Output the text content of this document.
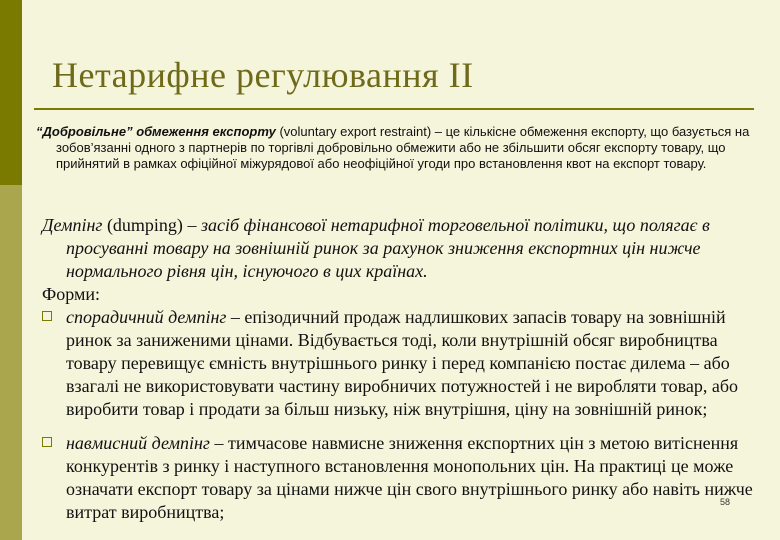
Нетарифне регулювання ІІ

“Добровільне” обмеження експорту (voluntary export restraint) – це кількісне обмеження експорту, що базується на зобов’язанні одного з партнерів по торгівлі добровільно обмежити або не збільшити обсяг експорту товару, що прийнятий в рамках офіційної міжурядової або неофіційної угоди про встановлення квот на експорт товару.

Демпінг (dumping) – засіб фінансової нетарифної торговельної політики, що полягає в просуванні товару на зовнішній ринок за рахунок зниження експортних цін нижче нормального рівня цін, існуючого в цих країнах.

Форми:

спорадичний демпінг – епізодичний продаж надлишкових запасів товару на зовнішній ринок за заниженими цінами. Відбувається тоді, коли внутрішній обсяг виробництва товару перевищує ємність внутрішнього ринку і перед компанією постає дилема – або взагалі не використовувати частину виробничих потужностей і не виробляти товар, або виробити товар і продати за більш низьку, ніж внутрішня, ціну на зовнішній ринок;
навмисний демпінг – тимчасове навмисне зниження експортних цін з метою витіснення конкурентів з ринку і наступного встановлення монопольних цін. На практиці це може означати експорт товару за цінами нижче цін свого внутрішнього ринку або навіть нижче витрат виробництва;	58
